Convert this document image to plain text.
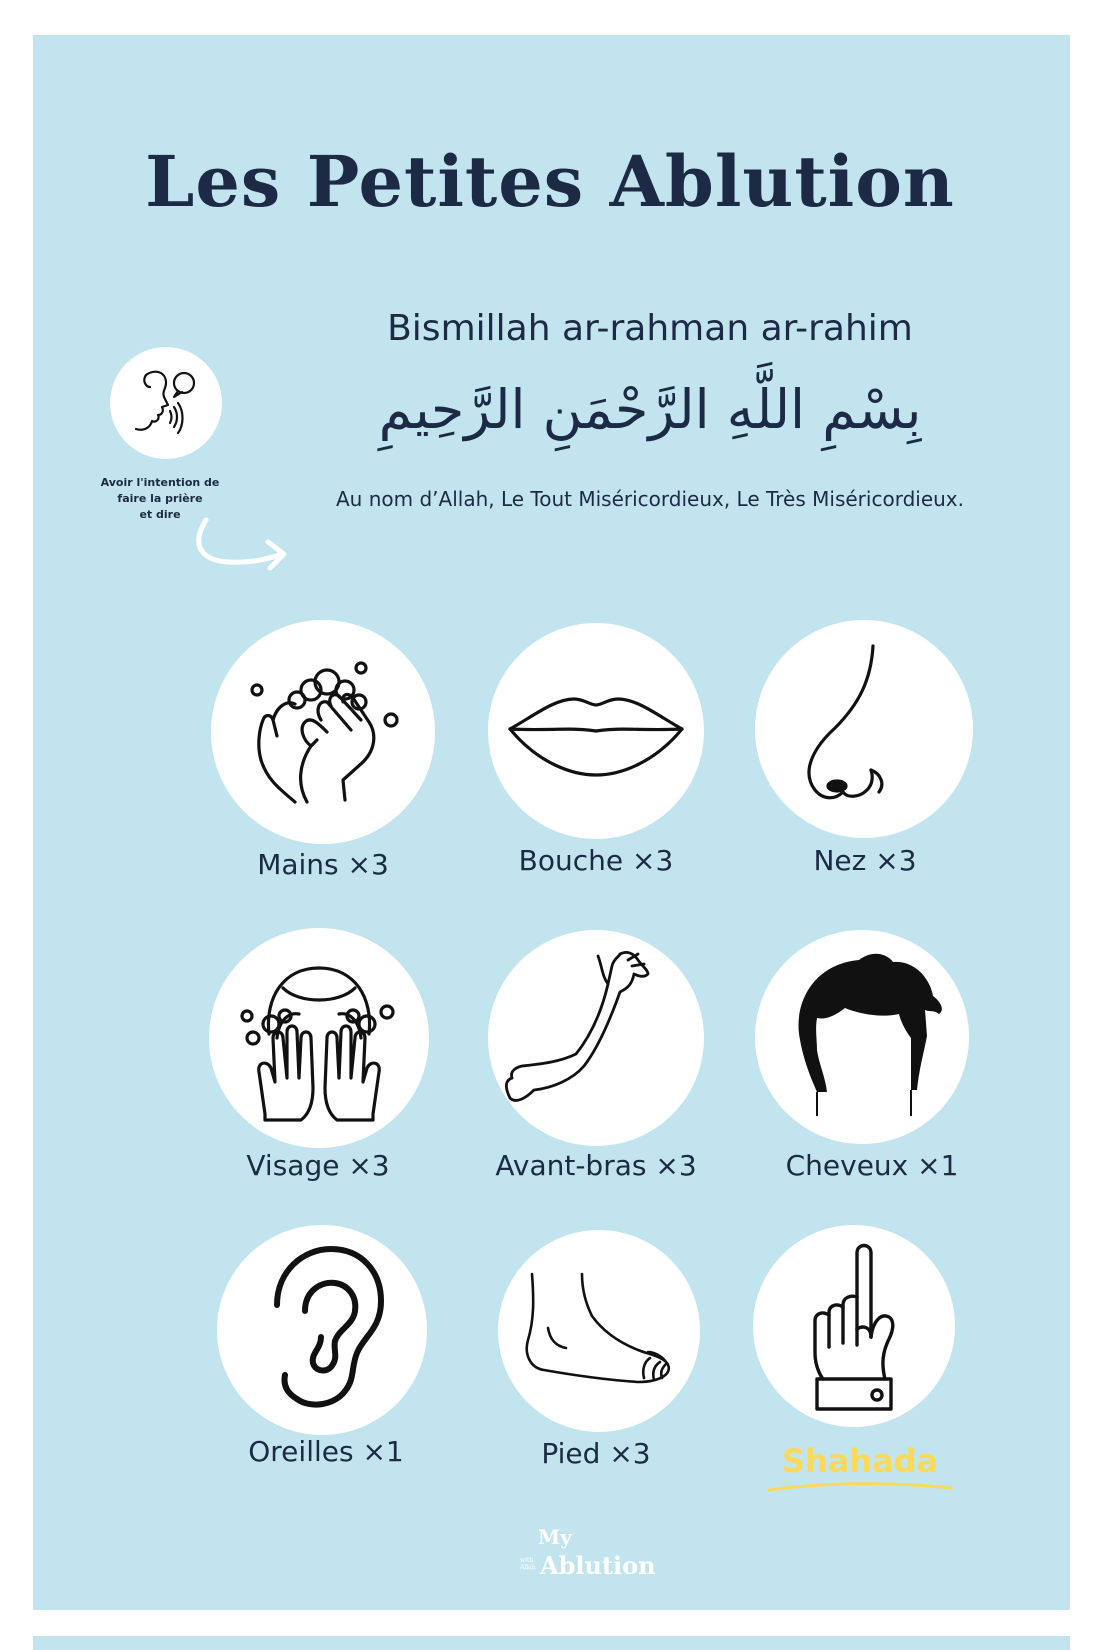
Les Petites Ablution
Bismillah ar-rahman ar-rahim
بِسْمِ اللَّهِ الرَّحْمَنِ الرَّحِيمِ
Au nom d’Allah, Le Tout Miséricordieux, Le Très Miséricordieux.
Avoir l'intention de
faire la prière
et dire
Mains ×3	Bouche ×3	Nez ×3
Visage ×3	Avant-bras ×3	Cheveux ×1
Oreilles ×1	Pied ×3	Shahada
My
with
Allah Ablution
